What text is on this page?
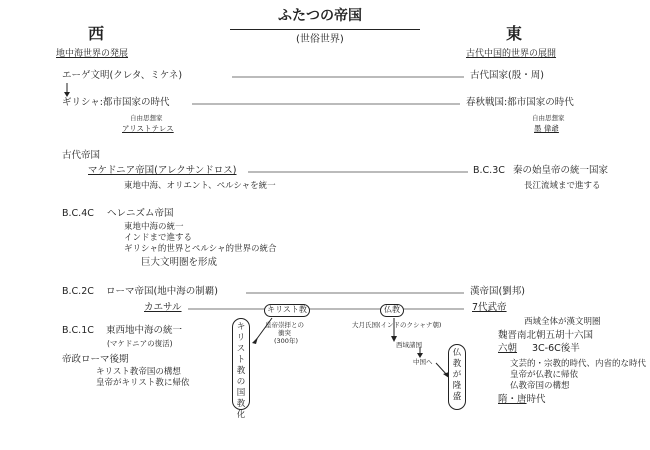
ふたつの帝国
(世俗世界)
西
地中海世界の発展
東
古代中国的世界の展開
エーゲ文明(クレタ、ミケネ)	古代国家(殷・周)
ギリシャ:都市国家の時代	春秋戦国:都市国家の時代
自由思想家
アリストテレス
自由思想家
墨 偉爺
古代帝国
マケドニア帝国(アレクサンドロス)
東地中海、オリエント、ペルシャを統一
B.C.3C 秦の始皇帝の統一国家
長江流域まで進する
B.C.4C ヘレニズム帝国
東地中海の統一
インドまで進する
ギリシャ的世界とペルシャ的世界の統合
巨大文明圏を形成
B.C.2C ローマ帝国(地中海の制覇)	漢帝国(劉邦)
カエサル	7代武帝
西域全体が漢文明圏
キリスト教
皇帝崇拝との
衝突
(300年)
仏教
大月氏国(インドのクシャナ朝)
西域諸国
中国へ
キ
リ
ス
ト
教
の
国
教
化
仏
教
が
隆
盛
B.C.1C 東西地中海の統一
(マケドニアの復活)
帝政ローマ後期
キリスト教帝国の構想
皇帝がキリスト教に帰依
魏晋南北朝五胡十六国
六朝 3C-6C後半
文芸的・宗教的時代、内省的な時代
皇帝が仏教に帰依
仏教帝国の構想
隋・唐時代
